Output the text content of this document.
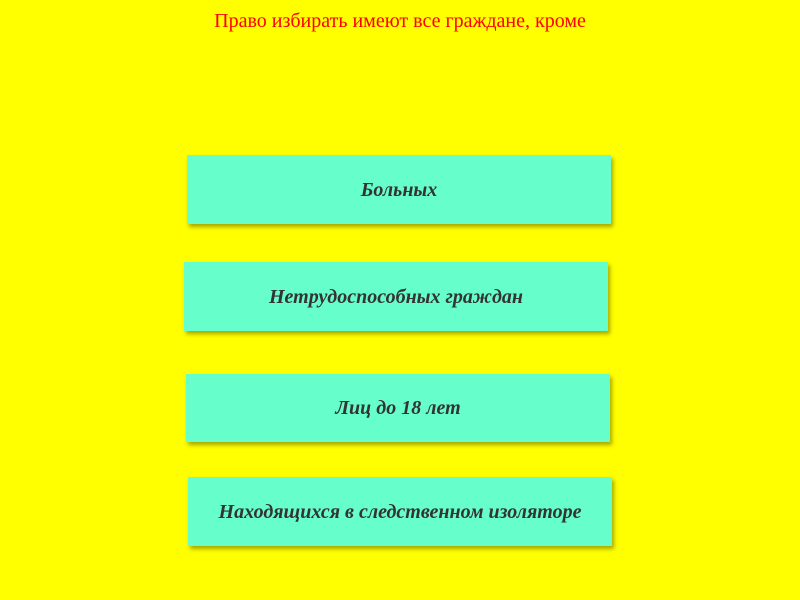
Право избирать имеют все граждане, кроме
Больных
Нетрудоспособных граждан
Лиц до 18 лет
Находящихся в следственном изоляторе
